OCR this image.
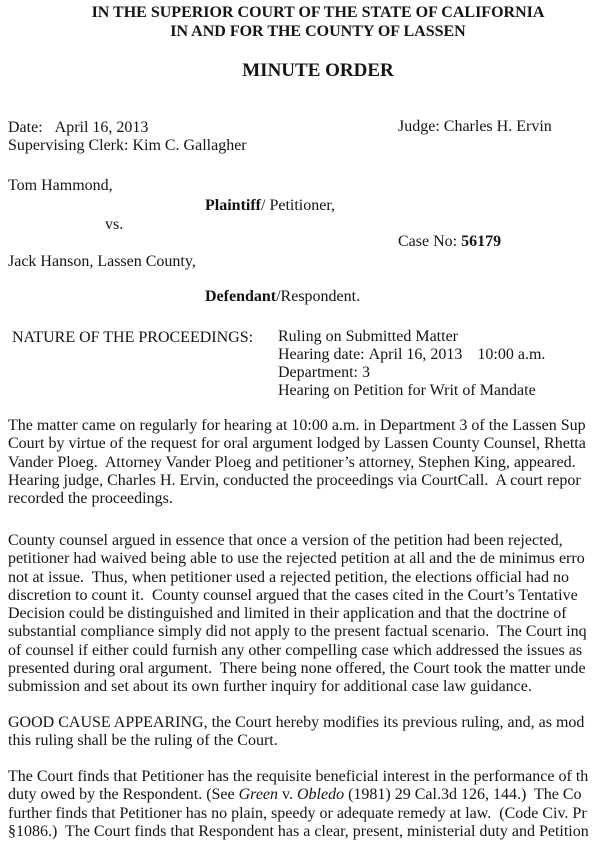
IN THE SUPERIOR COURT OF THE STATE OF CALIFORNIA
IN AND FOR THE COUNTY OF LASSEN
MINUTE ORDER
Date: April 16, 2013	Judge: Charles H. Ervin
Supervising Clerk: Kim C. Gallagher
Tom Hammond,
Plaintiff/ Petitioner,
vs.
Case No: 56179
Jack Hanson, Lassen County,
Defendant/Respondent.
NATURE OF THE PROCEEDINGS: Ruling on Submitted Matter
Hearing date: April 16, 2013 10:00 a.m.
Department: 3
Hearing on Petition for Writ of Mandate
The matter came on regularly for hearing at 10:00 a.m. in Department 3 of the Lassen Sup
Court by virtue of the request for oral argument lodged by Lassen County Counsel, Rhetta
Vander Ploeg.  Attorney Vander Ploeg and petitioner’s attorney, Stephen King, appeared.
Hearing judge, Charles H. Ervin, conducted the proceedings via CourtCall.  A court repor
recorded the proceedings.
County counsel argued in essence that once a version of the petition had been rejected,
petitioner had waived being able to use the rejected petition at all and the de minimus erro
not at issue.  Thus, when petitioner used a rejected petition, the elections official had no
discretion to count it.  County counsel argued that the cases cited in the Court’s Tentative
Decision could be distinguished and limited in their application and that the doctrine of
substantial compliance simply did not apply to the present factual scenario.  The Court inq
of counsel if either could furnish any other compelling case which addressed the issues as
presented during oral argument.  There being none offered, the Court took the matter unde
submission and set about its own further inquiry for additional case law guidance.
GOOD CAUSE APPEARING, the Court hereby modifies its previous ruling, and, as mod
this ruling shall be the ruling of the Court.
The Court finds that Petitioner has the requisite beneficial interest in the performance of th
duty owed by the Respondent. (See Green v. Obledo (1981) 29 Cal.3d 126, 144.)  The Co
further finds that Petitioner has no plain, speedy or adequate remedy at law.  (Code Civ. Pr
§1086.)  The Court finds that Respondent has a clear, present, ministerial duty and Petition
